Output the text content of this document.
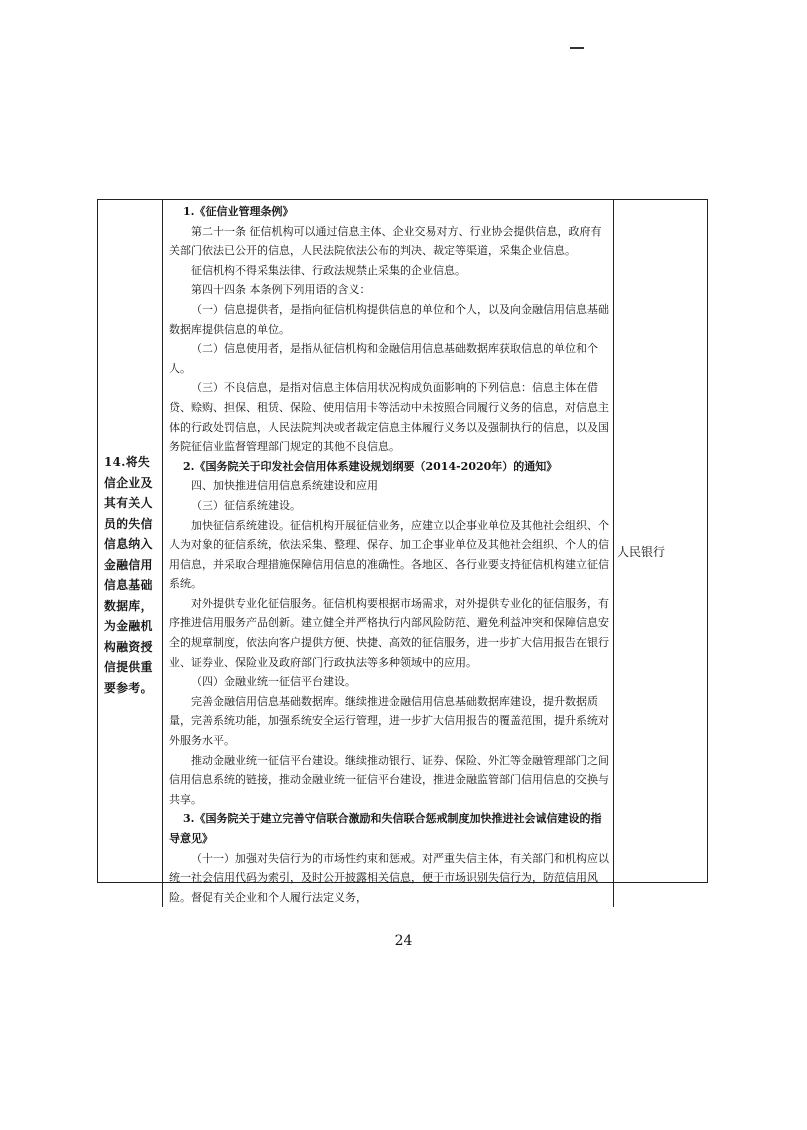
14.将失信企业及其有关人员的失信信息纳入金融信用信息基础数据库，为金融机构融资授信提供重要参考。

1.《征信业管理条例》

第二十一条 征信机构可以通过信息主体、企业交易对方、行业协会提供信息，政府有关部门依法已公开的信息，人民法院依法公布的判决、裁定等渠道，采集企业信息。

征信机构不得采集法律、行政法规禁止采集的企业信息。

第四十四条 本条例下列用语的含义：

（一）信息提供者，是指向征信机构提供信息的单位和个人，以及向金融信用信息基础数据库提供信息的单位。

（二）信息使用者，是指从征信机构和金融信用信息基础数据库获取信息的单位和个人。

（三）不良信息，是指对信息主体信用状况构成负面影响的下列信息：信息主体在借贷、赊购、担保、租赁、保险、使用信用卡等活动中未按照合同履行义务的信息，对信息主体的行政处罚信息，人民法院判决或者裁定信息主体履行义务以及强制执行的信息，以及国务院征信业监督管理部门规定的其他不良信息。

2.《国务院关于印发社会信用体系建设规划纲要（2014-2020年）的通知》

四、加快推进信用信息系统建设和应用

（三）征信系统建设。

加快征信系统建设。征信机构开展征信业务，应建立以企事业单位及其他社会组织、个人为对象的征信系统，依法采集、整理、保存、加工企事业单位及其他社会组织、个人的信用信息，并采取合理措施保障信用信息的准确性。各地区、各行业要支持征信机构建立征信系统。

对外提供专业化征信服务。征信机构要根据市场需求，对外提供专业化的征信服务，有序推进信用服务产品创新。建立健全并严格执行内部风险防范、避免利益冲突和保障信息安全的规章制度，依法向客户提供方便、快捷、高效的征信服务，进一步扩大信用报告在银行业、证券业、保险业及政府部门行政执法等多种领域中的应用。

（四）金融业统一征信平台建设。

完善金融信用信息基础数据库。继续推进金融信用信息基础数据库建设，提升数据质量，完善系统功能，加强系统安全运行管理，进一步扩大信用报告的覆盖范围，提升系统对外服务水平。

推动金融业统一征信平台建设。继续推动银行、证券、保险、外汇等金融管理部门之间信用信息系统的链接，推动金融业统一征信平台建设，推进金融监管部门信用信息的交换与共享。

3.《国务院关于建立完善守信联合激励和失信联合惩戒制度加快推进社会诚信建设的指导意见》

（十一）加强对失信行为的市场性约束和惩戒。对严重失信主体，有关部门和机构应以统一社会信用代码为索引，及时公开披露相关信息，便于市场识别失信行为，防范信用风险。督促有关企业和个人履行法定义务，

人民银行
24
